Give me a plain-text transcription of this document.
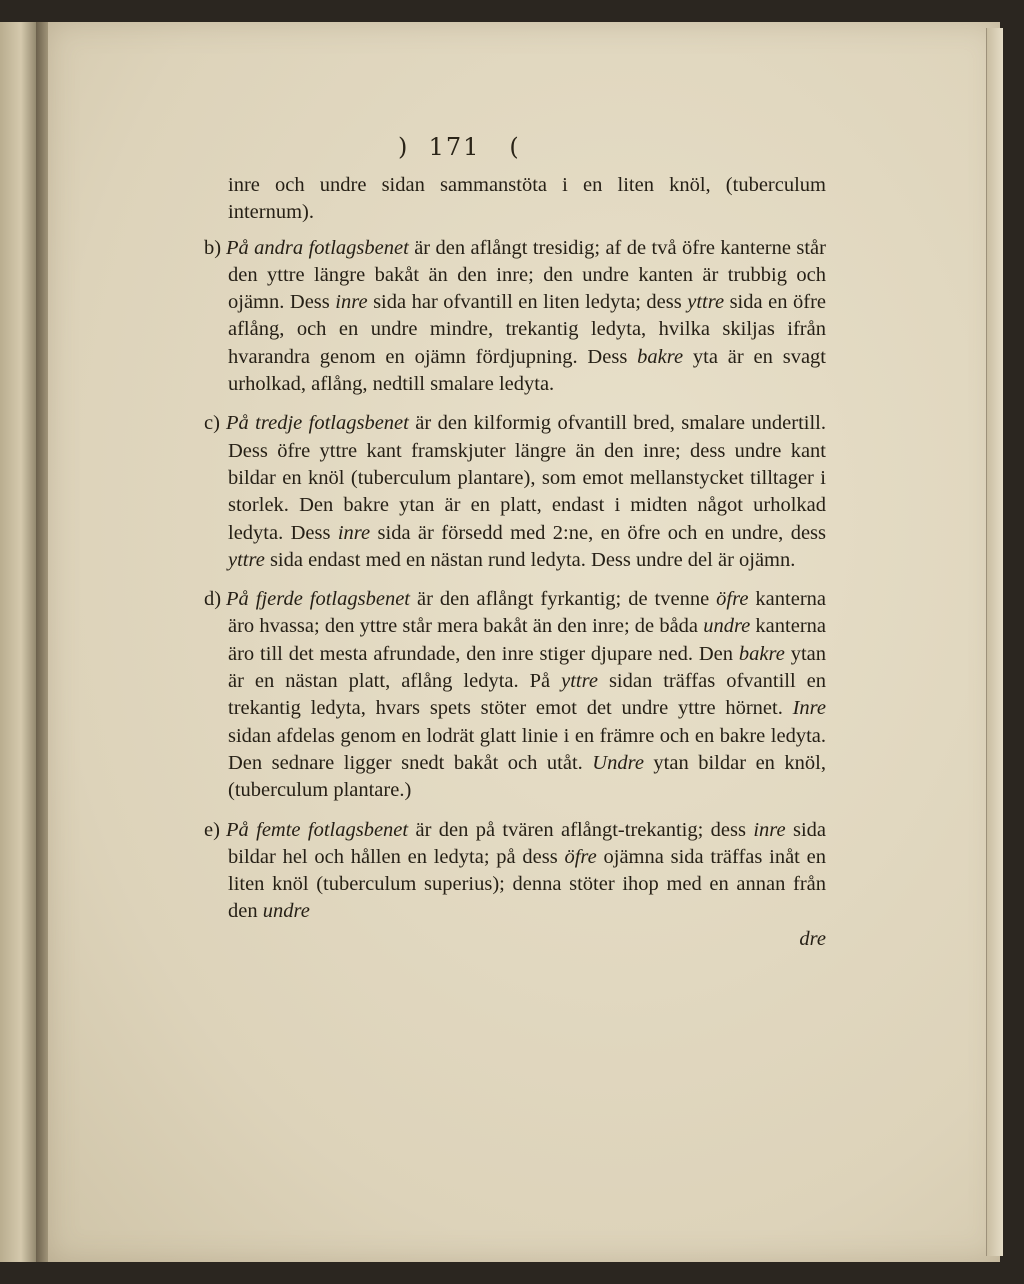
) 171 (

inre och undre sidan sammanstöta i en liten knöl, (tuberculum internum).

b) På andra fotlagsbenet är den aflångt tresidig; af de två öfre kanterne står den yttre längre bakåt än den inre; den undre kanten är trubbig och ojämn. Dess inre sida har ofvantill en liten ledyta; dess yttre sida en öfre aflång, och en undre mindre, trekantig ledyta, hvilka skiljas ifrån hvarandra genom en ojämn fördjupning. Dess bakre yta är en svagt urholkad, aflång, nedtill smalare ledyta.

c) På tredje fotlagsbenet är den kilformig ofvantill bred, smalare undertill. Dess öfre yttre kant framskjuter längre än den inre; dess undre kant bildar en knöl (tuberculum plantare), som emot mellanstycket tilltager i storlek. Den bakre ytan är en platt, endast i midten något urholkad ledyta. Dess inre sida är försedd med 2:ne, en öfre och en undre, dess yttre sida endast med en nästan rund ledyta. Dess undre del är ojämn.

d) På fjerde fotlagsbenet är den aflångt fyrkantig; de tvenne öfre kanterna äro hvassa; den yttre står mera bakåt än den inre; de båda undre kanterna äro till det mesta afrundade, den inre stiger djupare ned. Den bakre ytan är en nästan platt, aflång ledyta. På yttre sidan träffas ofvantill en trekantig ledyta, hvars spets stöter emot det undre yttre hörnet. Inre sidan afdelas genom en lodrät glatt linie i en främre och en bakre ledyta. Den sednare ligger snedt bakåt och utåt. Undre ytan bildar en knöl, (tuberculum plantare.)

e) På femte fotlagsbenet är den på tvären aflångt-trekantig; dess inre sida bildar hel och hållen en ledyta; på dess öfre ojämna sida träffas inåt en liten knöl (tuberculum superius); denna stöter ihop med en annan från den undre
dre
